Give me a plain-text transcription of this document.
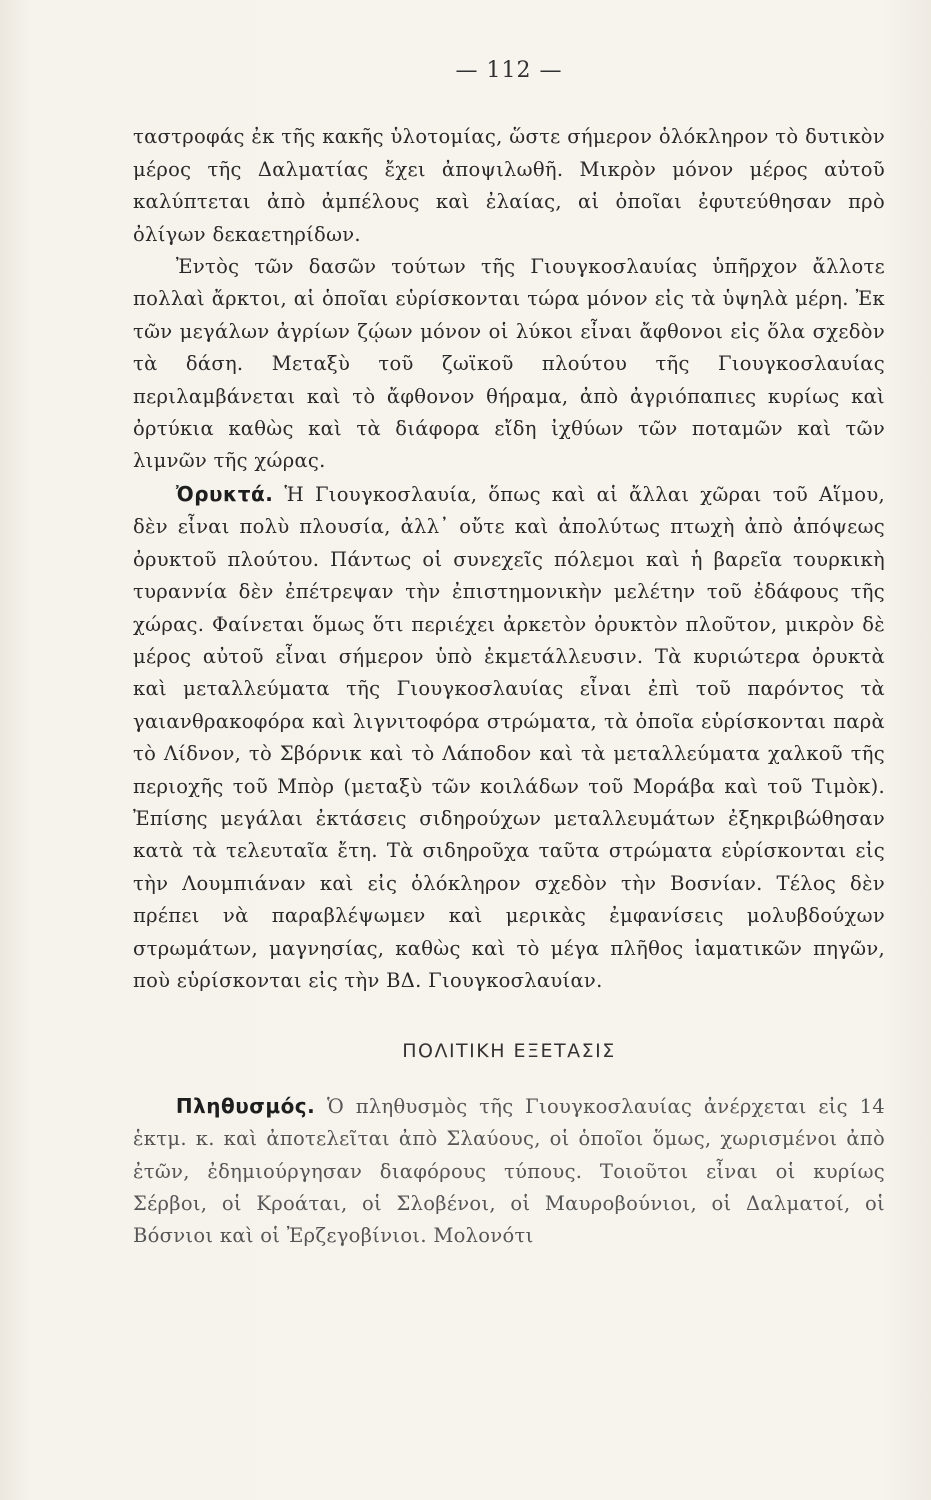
— 112 —

ταστροφάς ἐκ τῆς κακῆς ὑλοτομίας, ὥστε σήμερον ὁλόκληρον τὸ δυτικὸν μέρος τῆς Δαλματίας ἔχει ἀποψιλωθῆ. Μικρὸν μόνον μέρος αὐτοῦ καλύπτεται ἀπὸ ἀμπέλους καὶ ἐλαίας, αἱ ὁποῖαι ἐφυτεύθησαν πρὸ ὀλίγων δεκαετηρίδων.

Ἐντὸς τῶν δασῶν τούτων τῆς Γιουγκοσλαυίας ὑπῆρχον ἄλλοτε πολλαὶ ἄρκτοι, αἱ ὁποῖαι εὑρίσκονται τώρα μόνον εἰς τὰ ὑψηλὰ μέρη. Ἐκ τῶν μεγάλων ἀγρίων ζῴων μόνον οἱ λύκοι εἶναι ἄφθονοι εἰς ὅλα σχεδὸν τὰ δάση. Μεταξὺ τοῦ ζωϊκοῦ πλούτου τῆς Γιουγκοσλαυίας περιλαμβάνεται καὶ τὸ ἄφθονον θήραμα, ἀπὸ ἀγριόπαπιες κυρίως καὶ ὀρτύκια καθὼς καὶ τὰ διάφορα εἴδη ἰχθύων τῶν ποταμῶν καὶ τῶν λιμνῶν τῆς χώρας.

Ὀρυκτά. Ἡ Γιουγκοσλαυία, ὅπως καὶ αἱ ἄλλαι χῶραι τοῦ Αἵμου, δὲν εἶναι πολὺ πλουσία, ἀλλ᾽ οὔτε καὶ ἀπολύτως πτωχὴ ἀπὸ ἀπόψεως ὀρυκτοῦ πλούτου. Πάντως οἱ συνεχεῖς πόλεμοι καὶ ἡ βαρεῖα τουρκικὴ τυραννία δὲν ἐπέτρεψαν τὴν ἐπιστημονικὴν μελέτην τοῦ ἐδάφους τῆς χώρας. Φαίνεται ὅμως ὅτι περιέχει ἀρκετὸν ὀρυκτὸν πλοῦτον, μικρὸν δὲ μέρος αὐτοῦ εἶναι σήμερον ὑπὸ ἐκμετάλλευσιν. Τὰ κυριώτερα ὀρυκτὰ καὶ μεταλλεύματα τῆς Γιουγκοσλαυίας εἶναι ἐπὶ τοῦ παρόντος τὰ γαιανθρακοφόρα καὶ λιγνιτοφόρα στρώματα, τὰ ὁποῖα εὑρίσκονται παρὰ τὸ Λίδνον, τὸ Σβόρνικ καὶ τὸ Λάποδον καὶ τὰ μεταλλεύματα χαλκοῦ τῆς περιοχῆς τοῦ Μπὸρ (μεταξὺ τῶν κοιλάδων τοῦ Μοράβα καὶ τοῦ Τιμὸκ). Ἐπίσης μεγάλαι ἐκτάσεις σιδηρούχων μεταλλευμάτων ἐξηκριβώθησαν κατὰ τὰ τελευταῖα ἔτη. Τὰ σιδηροῦχα ταῦτα στρώματα εὑρίσκονται εἰς τὴν Λουμπιάναν καὶ εἰς ὁλόκληρον σχεδὸν τὴν Βοσνίαν. Τέλος δὲν πρέπει νὰ παραβλέψωμεν καὶ μερικὰς ἐμφανίσεις μολυβδούχων στρωμάτων, μαγνησίας, καθὼς καὶ τὸ μέγα πλῆθος ἰαματικῶν πηγῶν, ποὺ εὑρίσκονται εἰς τὴν ΒΔ. Γιουγκοσλαυίαν.

ΠΟΛΙΤΙΚΗ ΕΞΕΤΑΣΙΣ

Πληθυσμός. Ὁ πληθυσμὸς τῆς Γιουγκοσλαυίας ἀνέρχεται εἰς 14 ἑκτμ. κ. καὶ ἀποτελεῖται ἀπὸ Σλαύους, οἱ ὁποῖοι ὅμως, χωρισμένοι ἀπὸ ἐτῶν, ἐδημιούργησαν διαφόρους τύπους. Τοιοῦτοι εἶναι οἱ κυρίως Σέρβοι, οἱ Κροάται, οἱ Σλοβένοι, οἱ Μαυροβούνιοι, οἱ Δαλματοί, οἱ Βόσνιοι καὶ οἱ Ἐρζεγοβίνιοι. Μολονότι
